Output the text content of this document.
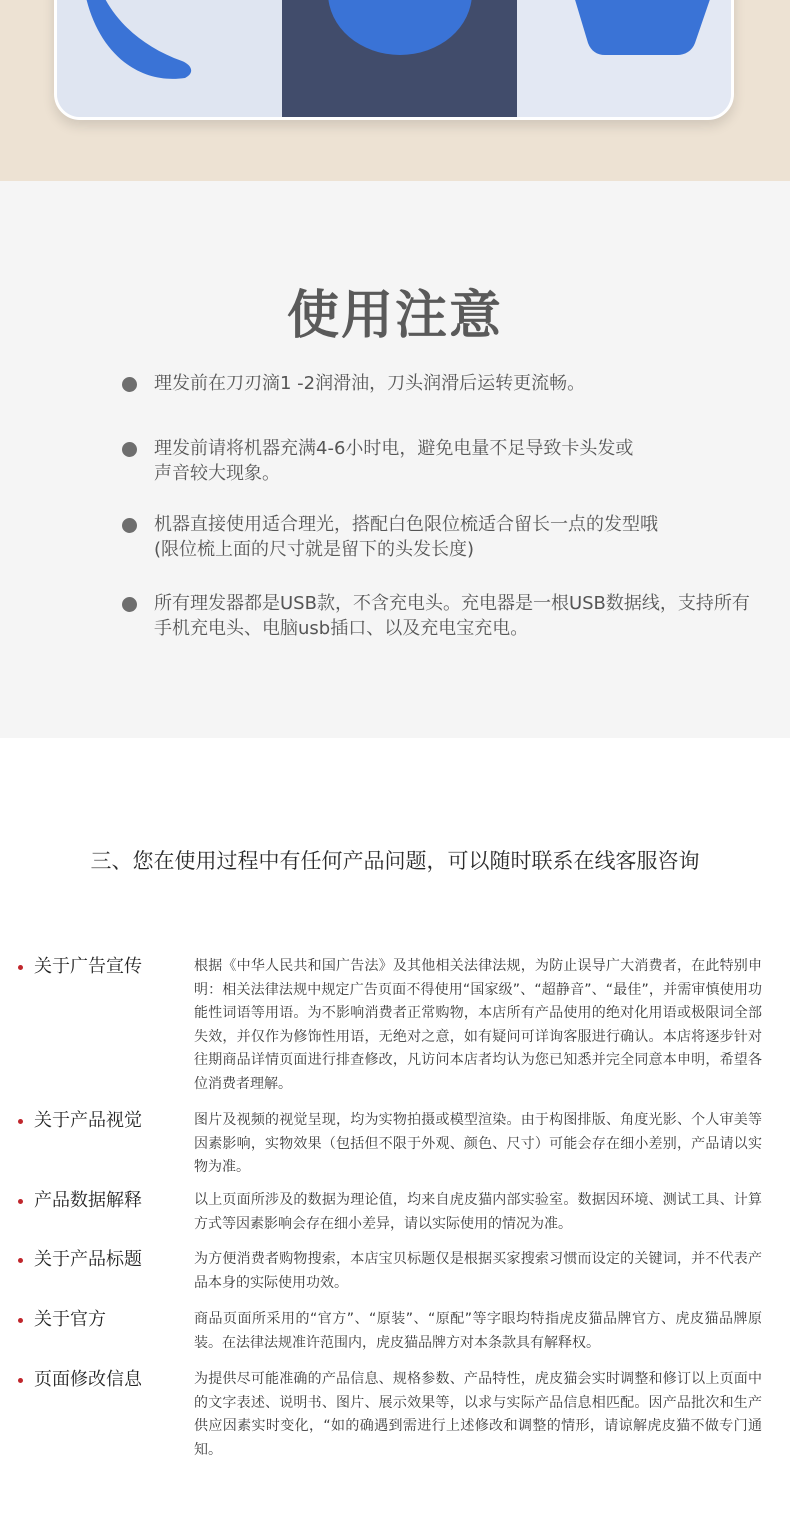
使用注意
理发前在刀刃滴1 -2润滑油，刀头润滑后运转更流畅。
理发前请将机器充满4-6小时电，避免电量不足导致卡头发或声音较大现象。
机器直接使用适合理光，搭配白色限位梳适合留长一点的发型哦(限位梳上面的尺寸就是留下的头发长度)
所有理发器都是USB款，不含充电头。充电器是一根USB数据线，支持所有手机充电头、电脑usb插口、以及充电宝充电。
三、您在使用过程中有任何产品问题，可以随时联系在线客服咨询
关于广告宣传	根据《中华人民共和国广告法》及其他相关法律法规，为防止误导广大消费者，在此特别申明：相关法律法规中规定广告页面不得使用“国家级”、“超静音”、“最佳”，并需审慎使用功能性词语等用语。为不影响消费者正常购物，本店所有产品使用的绝对化用语或极限词全部失效，并仅作为修饰性用语，无绝对之意，如有疑问可详询客服进行确认。本店将逐步针对往期商品详情页面进行排查修改，凡访问本店者均认为您已知悉并完全同意本申明，希望各位消费者理解。
关于产品视觉	图片及视频的视觉呈现，均为实物拍摄或模型渲染。由于构图排版、角度光影、个人审美等因素影响，实物效果（包括但不限于外观、颜色、尺寸）可能会存在细小差别，产品请以实物为准。
产品数据解释	以上页面所涉及的数据为理论值，均来自虎皮猫内部实验室。数据因环境、测试工具、计算方式等因素影响会存在细小差异，请以实际使用的情况为准。
关于产品标题	为方便消费者购物搜索，本店宝贝标题仅是根据买家搜索习惯而设定的关键词，并不代表产品本身的实际使用功效。
关于官方	商品页面所采用的“官方”、“原装”、“原配”等字眼均特指虎皮猫品牌官方、虎皮猫品牌原装。在法律法规准许范围内，虎皮猫品牌方对本条款具有解释权。
页面修改信息	为提供尽可能准确的产品信息、规格参数、产品特性，虎皮猫会实时调整和修订以上页面中的文字表述、说明书、图片、展示效果等，以求与实际产品信息相匹配。因产品批次和生产供应因素实时变化，“如的确遇到需进行上述修改和调整的情形，请谅解虎皮猫不做专门通知。
